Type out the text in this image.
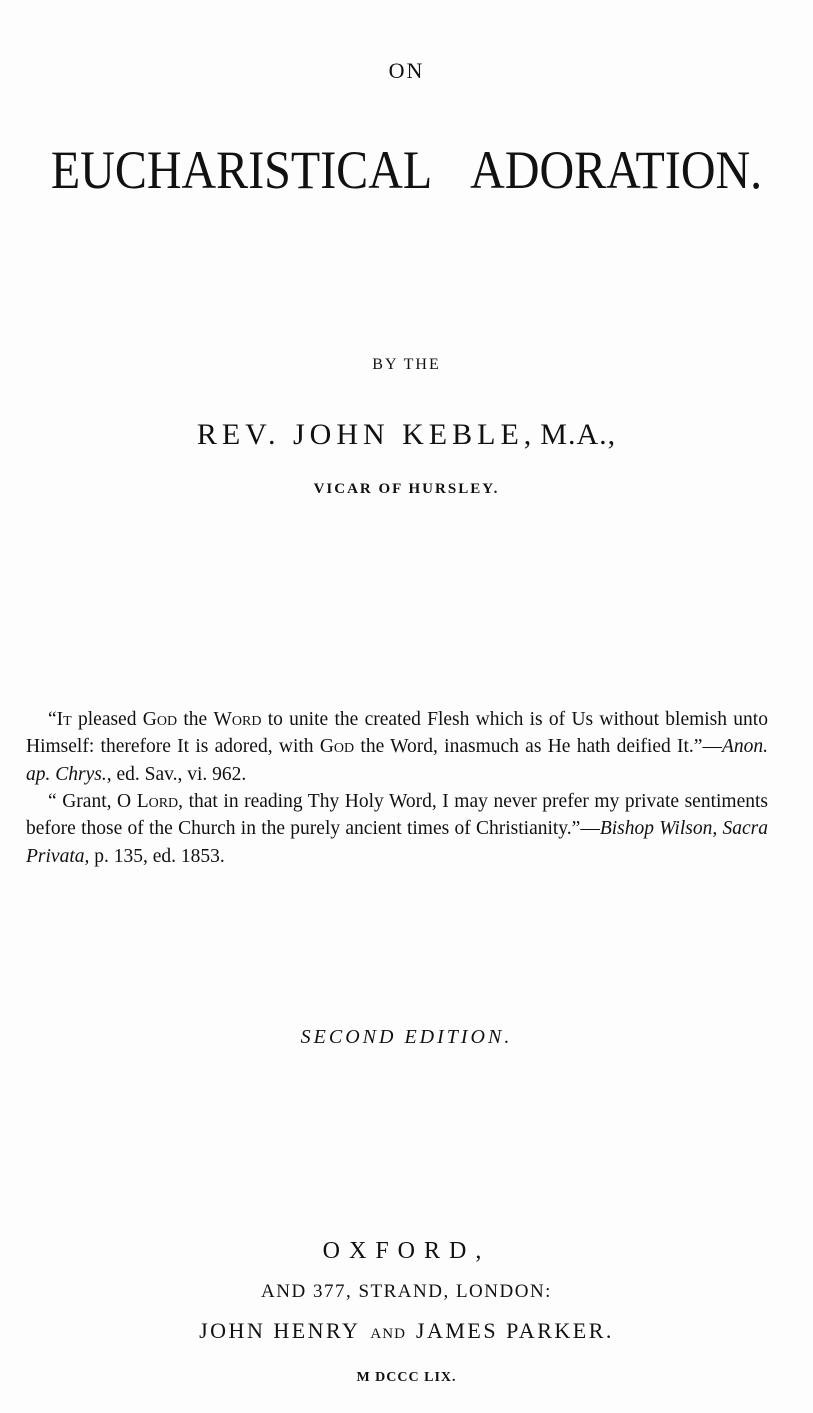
ON
EUCHARISTICAL ADORATION.
BY THE
REV. JOHN KEBLE, M.A.,
VICAR OF HURSLEY.

“It pleased God the Word to unite the created Flesh which is of Us without blemish unto Himself: therefore It is adored, with God the Word, inasmuch as He hath deified It.”—Anon. ap. Chrys., ed. Sav., vi. 962.

“ Grant, O Lord, that in reading Thy Holy Word, I may never prefer my private sentiments before those of the Church in the purely ancient times of Christianity.”—Bishop Wilson, Sacra Privata, p. 135, ed. 1853.

SECOND EDITION.
OXFORD,
AND 377, STRAND, LONDON:
JOHN HENRY AND JAMES PARKER.
M DCCC LIX.
